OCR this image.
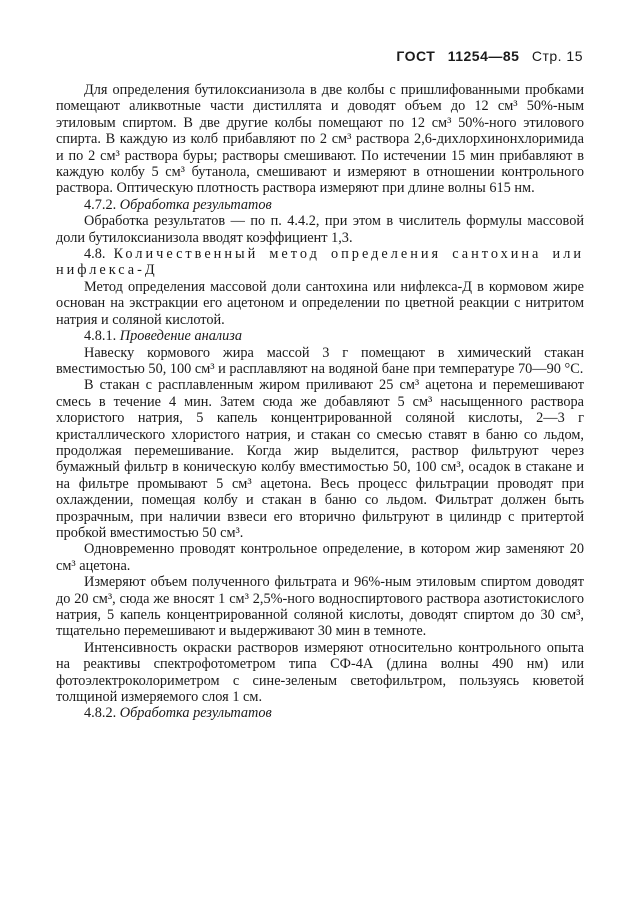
ГОСТ 11254—85 Стр. 15

Для определения бутилоксианизола в две колбы с пришлифованными пробками помещают аликвотные части дистиллята и доводят объем до 12 см³ 50%-ным этиловым спиртом. В две другие колбы помещают по 12 см³ 50%-ного этилового спирта. В каждую из колб прибавляют по 2 см³ раствора 2,6-дихлорхинонхлоримида и по 2 см³ раствора буры; растворы смешивают. По истечении 15 мин прибавляют в каждую колбу 5 см³ бутанола, смешивают и измеряют в отношении контрольного раствора. Оптическую плотность раствора измеряют при длине волны 615 нм.

4.7.2. Обработка результатов

Обработка результатов — по п. 4.4.2, при этом в числитель формулы массовой доли бутилоксианизола вводят коэффициент 1,3.

4.8. Количественный метод определения сантохина или нифлекса-Д

Метод определения массовой доли сантохина или нифлекса-Д в кормовом жире основан на экстракции его ацетоном и определении по цветной реакции с нитритом натрия и соляной кислотой.

4.8.1. Проведение анализа

Навеску кормового жира массой 3 г помещают в химический стакан вместимостью 50, 100 см³ и расплавляют на водяной бане при температуре 70—90 °С.

В стакан с расплавленным жиром приливают 25 см³ ацетона и перемешивают смесь в течение 4 мин. Затем сюда же добавляют 5 см³ насыщенного раствора хлористого натрия, 5 капель концентрированной соляной кислоты, 2—3 г кристаллического хлористого натрия, и стакан со смесью ставят в баню со льдом, продолжая перемешивание. Когда жир выделится, раствор фильтруют через бумажный фильтр в коническую колбу вместимостью 50, 100 см³, осадок в стакане и на фильтре промывают 5 см³ ацетона. Весь процесс фильтрации проводят при охлаждении, помещая колбу и стакан в баню со льдом. Фильтрат должен быть прозрачным, при наличии взвеси его вторично фильтруют в цилиндр с притертой пробкой вместимостью 50 см³.

Одновременно проводят контрольное определение, в котором жир заменяют 20 см³ ацетона.

Измеряют объем полученного фильтрата и 96%-ным этиловым спиртом доводят до 20 см³, сюда же вносят 1 см³ 2,5%-ного водноспиртового раствора азотистокислого натрия, 5 капель концентрированной соляной кислоты, доводят спиртом до 30 см³, тщательно перемешивают и выдерживают 30 мин в темноте.

Интенсивность окраски растворов измеряют относительно контрольного опыта на реактивы спектрофотометром типа СФ-4А (длина волны 490 нм) или фотоэлектроколориметром с сине-зеленым светофильтром, пользуясь кюветой толщиной измеряемого слоя 1 см.

4.8.2. Обработка результатов
